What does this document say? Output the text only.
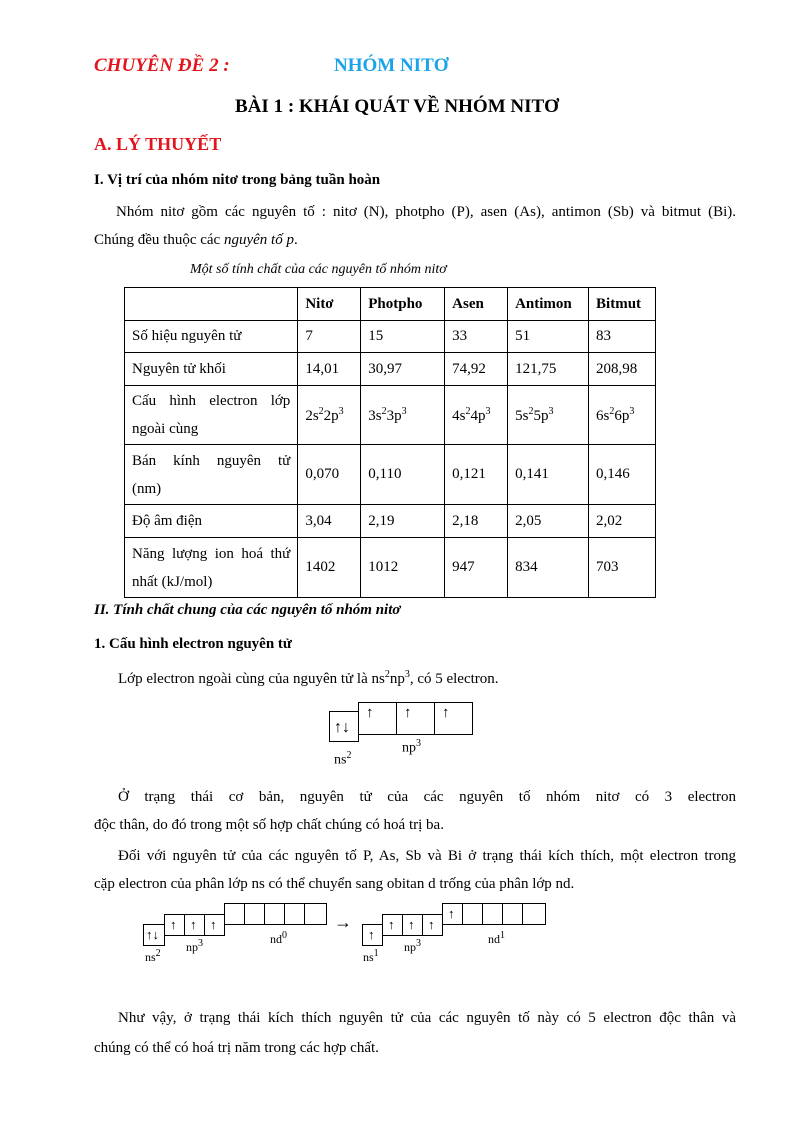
CHUYÊN ĐỀ 2 :	NHÓM NITƠ
BÀI 1 : KHÁI QUÁT VỀ NHÓM NITƠ
A. LÝ THUYẾT
I. Vị trí của nhóm nitơ trong bảng tuần hoàn
Nhóm nitơ gồm các nguyên tố : nitơ (N), photpho (P), asen (As), antimon (Sb) và bitmut (Bi).
Chúng đều thuộc các nguyên tố p.
Một số tính chất của các nguyên tố nhóm nitơ
	Nitơ	Photpho	Asen	Antimon	Bitmut
Số hiệu nguyên tử	7	15	33	51	83
Nguyên tử khối	14,01	30,97	74,92	121,75	208,98

Cấu hình electron lớp
ngoài cùng	$2s^22p^3$	$3s^23p^3$	$4s^24p^3$	$5s^25p^3$	$6s^26p^3$

Bán kính nguyên tử
(nm)	0,070	0,110	0,121	0,141	0,146
Độ âm điện	3,04	2,19	2,18	2,05	2,02

Năng lượng ion hoá thứ
nhất (kJ/mol)	1402	1012	947	834	703
II. Tính chất chung của các nguyên tố nhóm nitơ
1. Cấu hình electron nguyên tử
Lớp electron ngoài cùng của nguyên tử là $ns^2np^3$, có 5 electron.
↑↓
↑ ↑ ↑
$ns^2$	$np^3$
Ở trạng thái cơ bản, nguyên tử của các nguyên tố nhóm nitơ có 3 electron
độc thân, do đó trong một số hợp chất chúng có hoá trị ba.
Đối với nguyên tử của các nguyên tố P, As, Sb và Bi ở trạng thái kích thích, một electron trong
cặp electron của phân lớp ns có thể chuyển sang obitan d trống của phân lớp nd.
↑↓
↑ ↑ ↑
$ns^2$ $np^3$	$nd^0$
→
↑
↑ ↑ ↑
↑
$ns^1$ $np^3$	$nd^1$
Như vậy, ở trạng thái kích thích nguyên tử của các nguyên tố này có 5 electron độc thân và
chúng có thể có hoá trị năm trong các hợp chất.
